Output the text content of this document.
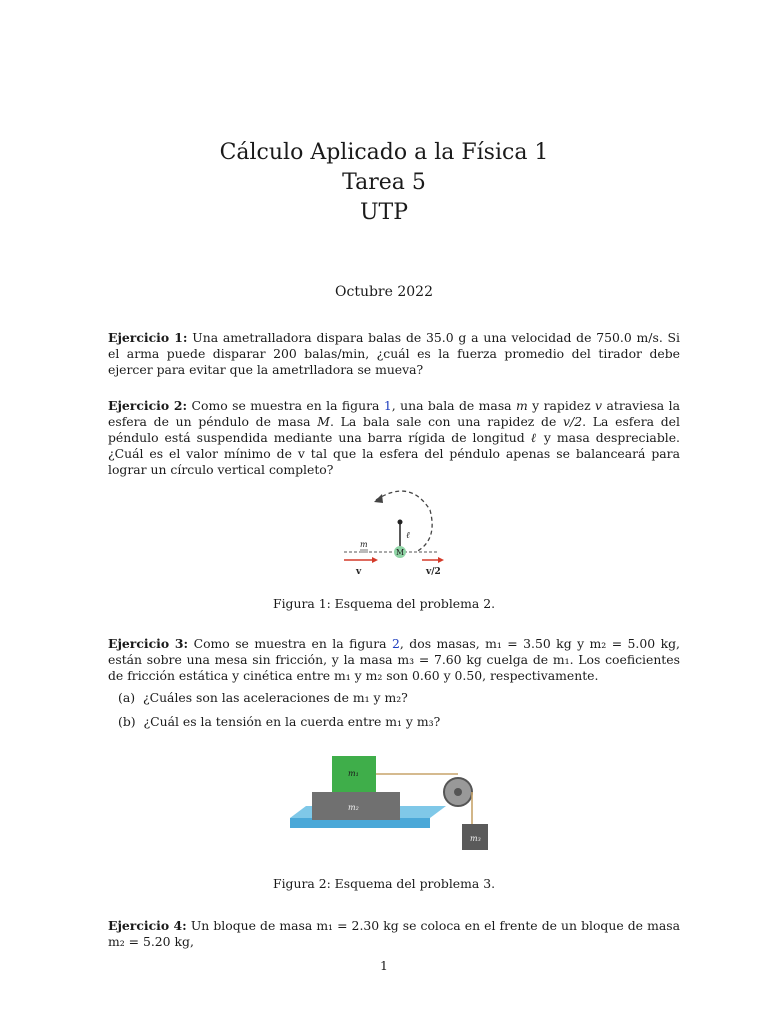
Cálculo Aplicado a la Física 1
Tarea 5
UTP
Octubre 2022
Ejercicio 1: Una ametralladora dispara balas de 35.0 g a una velocidad de 750.0 m/s. Si el arma puede disparar 200 balas/min, ¿cuál es la fuerza promedio del tirador debe ejercer para evitar que la ametrlladora se mueva?
Ejercicio 2: Como se muestra en la figura 1, una bala de masa m y rapidez v atraviesa la esfera de un péndulo de masa M. La bala sale con una rapidez de v/2. La esfera del péndulo está suspendida mediante una barra rígida de longitud ℓ y masa despreciable. ¿Cuál es el valor mínimo de v tal que la esfera del péndulo apenas se balanceará para lograr un círculo vertical completo?
ℓ
M
m
v	v/2
Figura 1: Esquema del problema 2.
Ejercicio 3: Como se muestra en la figura 2, dos masas, m₁ = 3.50 kg y m₂ = 5.00 kg, están sobre una mesa sin fricción, y la masa m₃ = 7.60 kg cuelga de m₁. Los coeficientes de fricción estática y cinética entre m₁ y m₂ son 0.60 y 0.50, respectivamente.
(a) ¿Cuáles son las aceleraciones de m₁ y m₂?
(b) ¿Cuál es la tensión en la cuerda entre m₁ y m₃?
m₂
m₁
m₃
Figura 2: Esquema del problema 3.
Ejercicio 4: Un bloque de masa m₁ = 2.30 kg se coloca en el frente de un bloque de masa m₂ = 5.20 kg,
1
